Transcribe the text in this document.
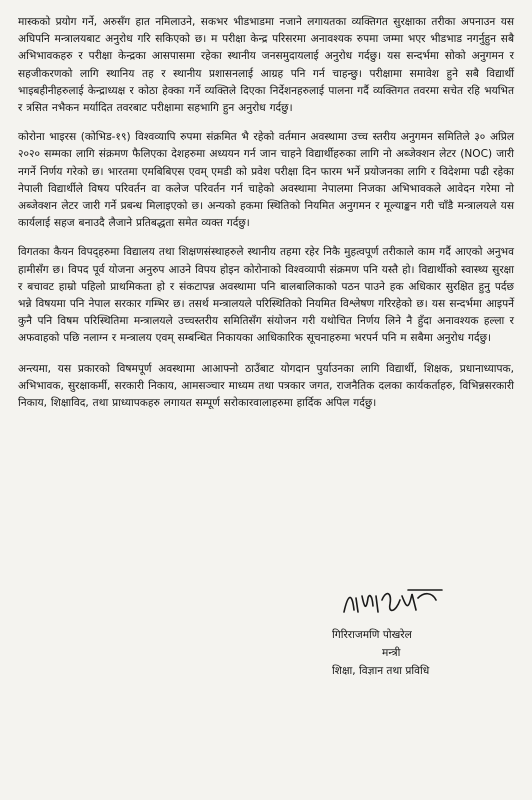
मास्कको प्रयोग गर्ने, अरुसँग हात नमिलाउने, सकभर भीडभाडमा नजाने लगायतका व्यक्तिगत सुरक्षाका तरीका अपनाउन यस अघिपनि मन्त्रालयबाट अनुरोध गरि सकिएको छ। म परीक्षा केन्द्र परिसरमा अनावश्यक रुपमा जम्मा भएर भीडभाड नगर्नुहुन सबै अभिभावकहरु र परीक्षा केन्द्रका आसपासमा रहेका स्थानीय जनसमुदायलाई अनुरोध गर्दछु। यस सन्दर्भमा सोको अनुगमन र सहजीकरणको लागि स्थानिय तह र स्थानीय प्रशासनलाई आग्रह पनि गर्न चाहन्छु। परीक्षामा समावेश हुने सबै विद्यार्थी भाइबहीनीहरुलाई केन्द्राध्यक्ष र कोठा हेक्का गर्ने व्यक्तिले दिएका निर्देशनहरुलाई पालना गर्दै व्यक्तिगत तवरमा सचेत रहि भयभित र त्रसित नभैकन मर्यादित तवरबाट परीक्षामा सहभागि हुन अनुरोध गर्दछु।

कोरोना भाइरस (कोभिड-१९) विश्वव्यापि रुपमा संक्रमित भै रहेको वर्तमान अवस्थामा उच्च स्तरीय अनुगमन समितिले ३० अप्रिल २०२० सम्मका लागि संक्रमण फैलिएका देशहरुमा अध्ययन गर्न जान चाहने विद्यार्थीहरुका लागि नो अब्जेक्शन लेटर (NOC) जारी नगर्ने निर्णय गरेको छ। भारतमा एमबिबिएस एवम् एमडी को प्रवेश परीक्षा दिन फारम भर्ने प्रयोजनका लागि र विदेशमा पढी रहेका नेपाली विद्यार्थीले विषय परिवर्तन वा कलेज परिवर्तन गर्न चाहेको अवस्थामा नेपालमा निजका अभिभावकले आवेदन गरेमा नो अब्जेक्शन लेटर जारी गर्ने प्रबन्ध मिलाइएको छ। अन्यको हकमा स्थितिको नियमित अनुगमन र मूल्याङ्कन गरी चाँडै मन्त्रालयले यस कार्यलाई सहज बनाउदै लैजाने प्रतिबद्धता समेत व्यक्त गर्दछु।

विगतका कैयन विपद्हरुमा विद्यालय तथा शिक्षणसंस्थाहरुले स्थानीय तहमा रहेर निकै मुहत्वपूर्ण तरीकाले काम गर्दै आएको अनुभव हामीसँग छ। विपद पूर्व योजना अनुरुप आउने विपय होइन कोरोनाको विश्वव्यापी संक्रमण पनि यस्तै हो। विद्यार्थीको स्वास्थ्य सुरक्षा र बचावट हाम्रो पहिलो प्राथमिकता हो र संकटापन्न अवस्थामा पनि बालबालिकाको पठन पाउने हक अधिकार सुरक्षित हुनु पर्दछ भन्ने विषयमा पनि नेपाल सरकार गम्भिर छ। तसर्थ मन्त्रालयले परिस्थितिको नियमित विश्लेषण गरिरहेको छ। यस सन्दर्भमा आइपर्ने कुनै पनि विषम परिस्थितिमा मन्त्रालयले उच्चस्तरीय समितिसँग संयोजन गरी यथोचित निर्णय लिने नै हुँदा अनावश्यक हल्ला र अफवाहको पछि नलाग्न र मन्त्रालय एवम् सम्बन्धित निकायका आधिकारिक सूचनाहरुमा भरपर्न पनि म सबैमा अनुरोध गर्दछु।

अन्त्यमा, यस प्रकारको विषमपूर्ण अवस्थामा आआफ्नो ठाउँबाट योगदान पुर्याउनका लागि विद्यार्थी, शिक्षक, प्रधानाध्यापक, अभिभावक, सुरक्षाकर्मी, सरकारी निकाय, आमसञ्चार माध्यम तथा पत्रकार जगत, राजनैतिक दलका कार्यकर्ताहरु, विभिन्नसरकारी निकाय, शिक्षाविद, तथा प्राध्यापकहरु लगायत सम्पूर्ण सरोकारवालाहरुमा हार्दिक अपिल गर्दछु।

गिरिराजमणि पोखरेल
मन्त्री
शिक्षा, विज्ञान तथा प्रविधि
